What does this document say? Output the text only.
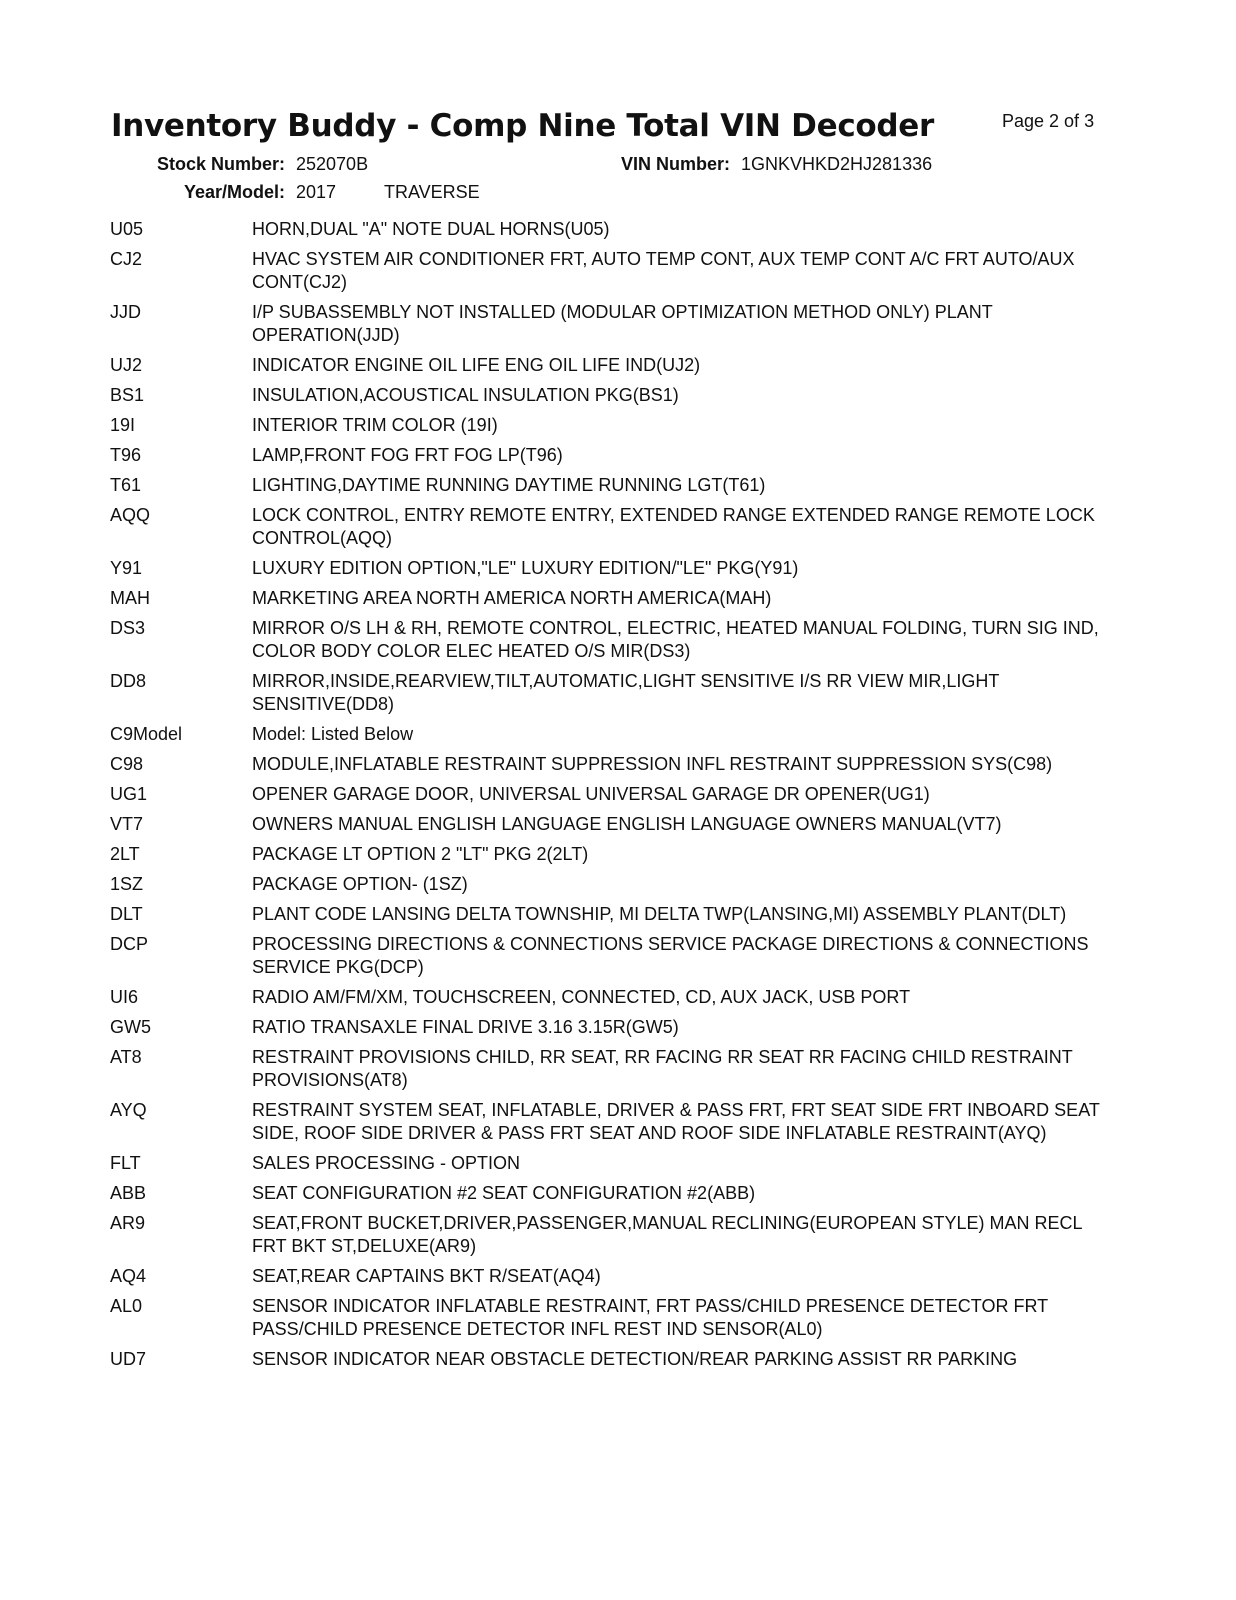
Inventory Buddy - Comp Nine Total VIN Decoder	Page 2 of 3
Stock Number: 252070B	VIN Number: 1GNKVHKD2HJ281336
Year/Model: 2017	TRAVERSE
U05	HORN,DUAL "A" NOTE DUAL HORNS(U05)
CJ2	HVAC SYSTEM AIR CONDITIONER FRT, AUTO TEMP CONT, AUX TEMP CONT A/C FRT AUTO/AUX CONT(CJ2)
JJD	I/P SUBASSEMBLY NOT INSTALLED (MODULAR OPTIMIZATION METHOD ONLY) PLANT OPERATION(JJD)
UJ2	INDICATOR ENGINE OIL LIFE ENG OIL LIFE IND(UJ2)
BS1	INSULATION,ACOUSTICAL INSULATION PKG(BS1)
19I	INTERIOR TRIM COLOR (19I)
T96	LAMP,FRONT FOG FRT FOG LP(T96)
T61	LIGHTING,DAYTIME RUNNING DAYTIME RUNNING LGT(T61)
AQQ	LOCK CONTROL, ENTRY REMOTE ENTRY, EXTENDED RANGE EXTENDED RANGE REMOTE LOCK CONTROL(AQQ)
Y91	LUXURY EDITION OPTION,"LE" LUXURY EDITION/"LE" PKG(Y91)
MAH	MARKETING AREA NORTH AMERICA NORTH AMERICA(MAH)
DS3	MIRROR O/S LH & RH, REMOTE CONTROL, ELECTRIC, HEATED MANUAL FOLDING, TURN SIG IND, COLOR BODY COLOR ELEC HEATED O/S MIR(DS3)
DD8	MIRROR,INSIDE,REARVIEW,TILT,AUTOMATIC,LIGHT SENSITIVE I/S RR VIEW MIR,LIGHT SENSITIVE(DD8)
C9Model	Model: Listed Below
C98	MODULE,INFLATABLE RESTRAINT SUPPRESSION INFL RESTRAINT SUPPRESSION SYS(C98)
UG1	OPENER GARAGE DOOR, UNIVERSAL UNIVERSAL GARAGE DR OPENER(UG1)
VT7	OWNERS MANUAL ENGLISH LANGUAGE ENGLISH LANGUAGE OWNERS MANUAL(VT7)
2LT	PACKAGE LT OPTION 2 "LT" PKG 2(2LT)
1SZ	PACKAGE OPTION- (1SZ)
DLT	PLANT CODE LANSING DELTA TOWNSHIP, MI DELTA TWP(LANSING,MI) ASSEMBLY PLANT(DLT)
DCP	PROCESSING DIRECTIONS & CONNECTIONS SERVICE PACKAGE DIRECTIONS & CONNECTIONS SERVICE PKG(DCP)
UI6	RADIO AM/FM/XM, TOUCHSCREEN, CONNECTED, CD, AUX JACK, USB PORT
GW5	RATIO TRANSAXLE FINAL DRIVE 3.16 3.15R(GW5)
AT8	RESTRAINT PROVISIONS CHILD, RR SEAT, RR FACING RR SEAT RR FACING CHILD RESTRAINT PROVISIONS(AT8)
AYQ	RESTRAINT SYSTEM SEAT, INFLATABLE, DRIVER & PASS FRT, FRT SEAT SIDE FRT INBOARD SEAT SIDE, ROOF SIDE DRIVER & PASS FRT SEAT AND ROOF SIDE INFLATABLE RESTRAINT(AYQ)
FLT	SALES PROCESSING - OPTION
ABB	SEAT CONFIGURATION #2 SEAT CONFIGURATION #2(ABB)
AR9	SEAT,FRONT BUCKET,DRIVER,PASSENGER,MANUAL RECLINING(EUROPEAN STYLE) MAN RECL FRT BKT ST,DELUXE(AR9)
AQ4	SEAT,REAR CAPTAINS BKT R/SEAT(AQ4)
AL0	SENSOR INDICATOR INFLATABLE RESTRAINT, FRT PASS/CHILD PRESENCE DETECTOR FRT PASS/CHILD PRESENCE DETECTOR INFL REST IND SENSOR(AL0)
UD7	SENSOR INDICATOR NEAR OBSTACLE DETECTION/REAR PARKING ASSIST RR PARKING
